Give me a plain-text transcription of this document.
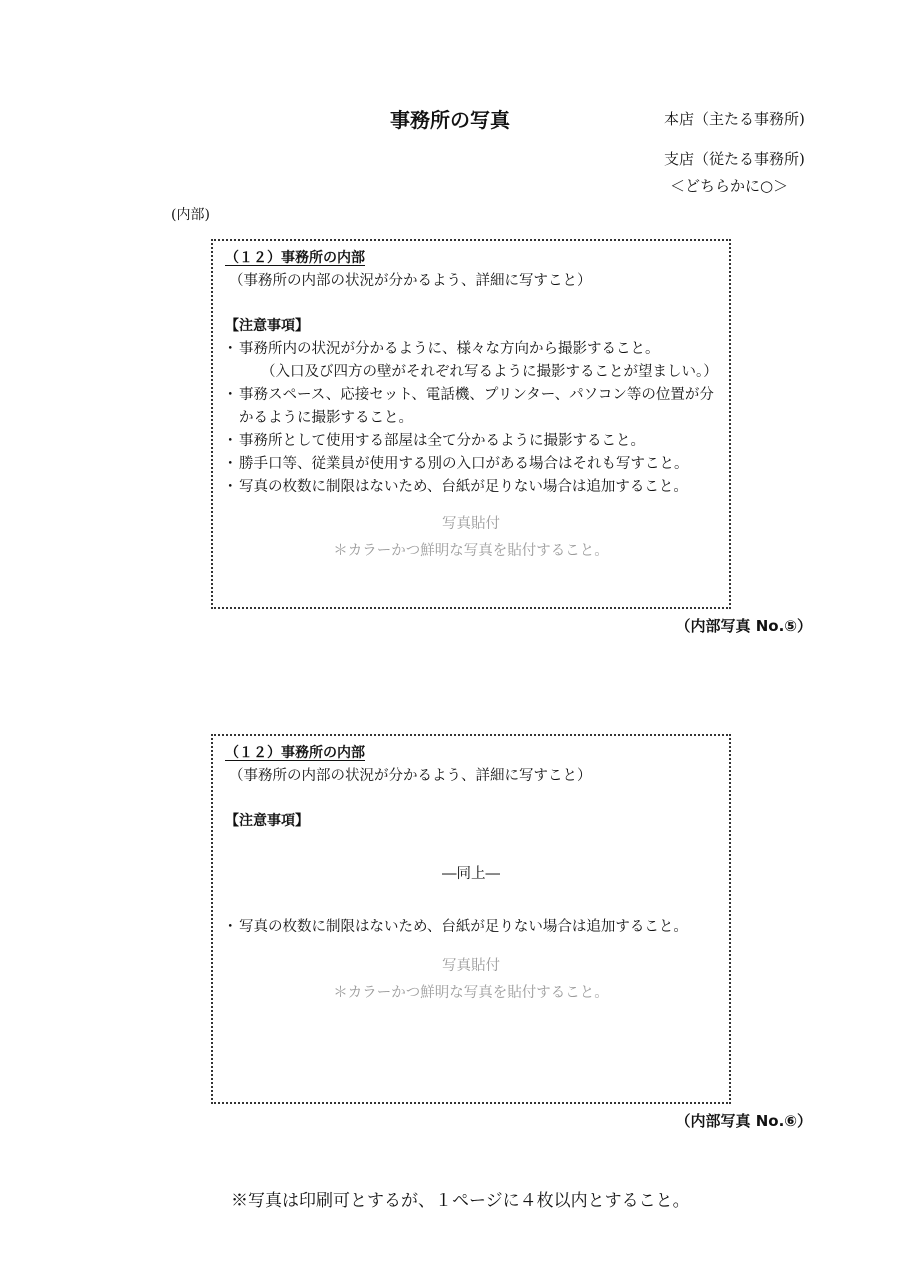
事務所の写真	本店（主たる事務所)
支店（従たる事務所)
＜どちらかに○＞
(内部)
（１２）事務所の内部
（事務所の内部の状況が分かるよう、詳細に写すこと）
【注意事項】
・ 事務所内の状況が分かるように、様々な方向から撮影すること。
（入口及び四方の壁がそれぞれ写るように撮影することが望ましい。）
・ 事務スペース、応接セット、電話機、プリンター、パソコン等の位置が分かるように撮影すること。
・ 事務所として使用する部屋は全て分かるように撮影すること。
・ 勝手口等、従業員が使用する別の入口がある場合はそれも写すこと。
・ 写真の枚数に制限はないため、台紙が足りない場合は追加すること。
写真貼付
＊カラーかつ鮮明な写真を貼付すること。
（内部写真 No.⑤）
（１２）事務所の内部
（事務所の内部の状況が分かるよう、詳細に写すこと）
【注意事項】
―同上―
・ 写真の枚数に制限はないため、台紙が足りない場合は追加すること。
写真貼付
＊カラーかつ鮮明な写真を貼付すること。
（内部写真 No.⑥）
※写真は印刷可とするが、１ページに４枚以内とすること。
